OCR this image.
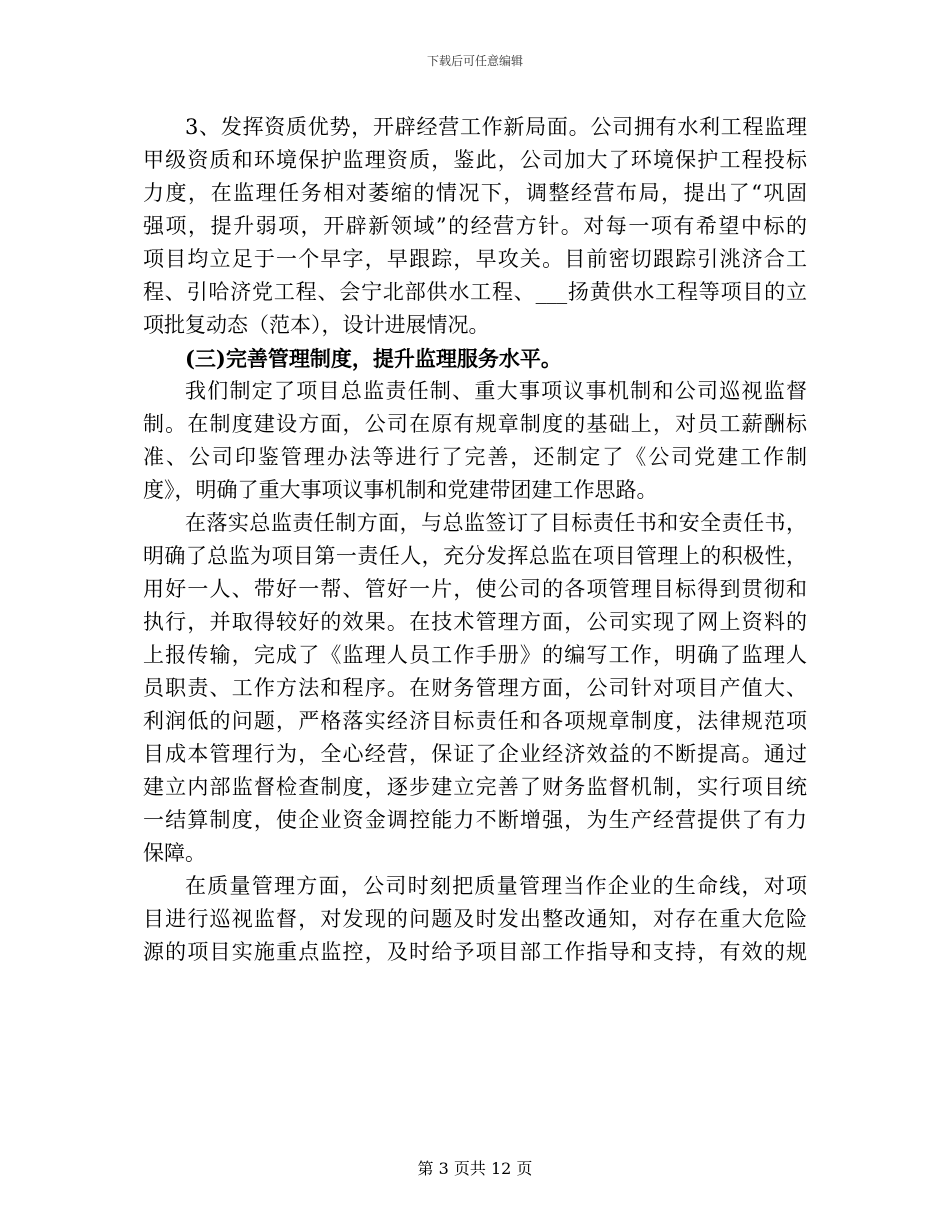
下载后可任意编辑
3、发挥资质优势，开辟经营工作新局面。公司拥有水利工程监理
甲级资质和环境保护监理资质，鉴此，公司加大了环境保护工程投标
力度，在监理任务相对萎缩的情况下，调整经营布局，提出了“巩固
强项，提升弱项，开辟新领域”的经营方针。对每一项有希望中标的
项目均立足于一个早字，早跟踪，早攻关。目前密切跟踪引洮济合工
程、引哈济党工程、会宁北部供水工程、___扬黄供水工程等项目的立
项批复动态（范本），设计进展情况。
(三)完善管理制度，提升监理服务水平。
我们制定了项目总监责任制、重大事项议事机制和公司巡视监督
制。在制度建设方面，公司在原有规章制度的基础上，对员工薪酬标
准、公司印鉴管理办法等进行了完善，还制定了《公司党建工作制
度》，明确了重大事项议事机制和党建带团建工作思路。
在落实总监责任制方面，与总监签订了目标责任书和安全责任书，
明确了总监为项目第一责任人，充分发挥总监在项目管理上的积极性，
用好一人、带好一帮、管好一片，使公司的各项管理目标得到贯彻和
执行，并取得较好的效果。在技术管理方面，公司实现了网上资料的
上报传输，完成了《监理人员工作手册》的编写工作，明确了监理人
员职责、工作方法和程序。在财务管理方面，公司针对项目产值大、
利润低的问题，严格落实经济目标责任和各项规章制度，法律规范项
目成本管理行为，全心经营，保证了企业经济效益的不断提高。通过
建立内部监督检查制度，逐步建立完善了财务监督机制，实行项目统
一结算制度，使企业资金调控能力不断增强，为生产经营提供了有力
保障。
在质量管理方面，公司时刻把质量管理当作企业的生命线，对项
目进行巡视监督，对发现的问题及时发出整改通知，对存在重大危险
源的项目实施重点监控，及时给予项目部工作指导和支持，有效的规
第 3 页共 12 页
